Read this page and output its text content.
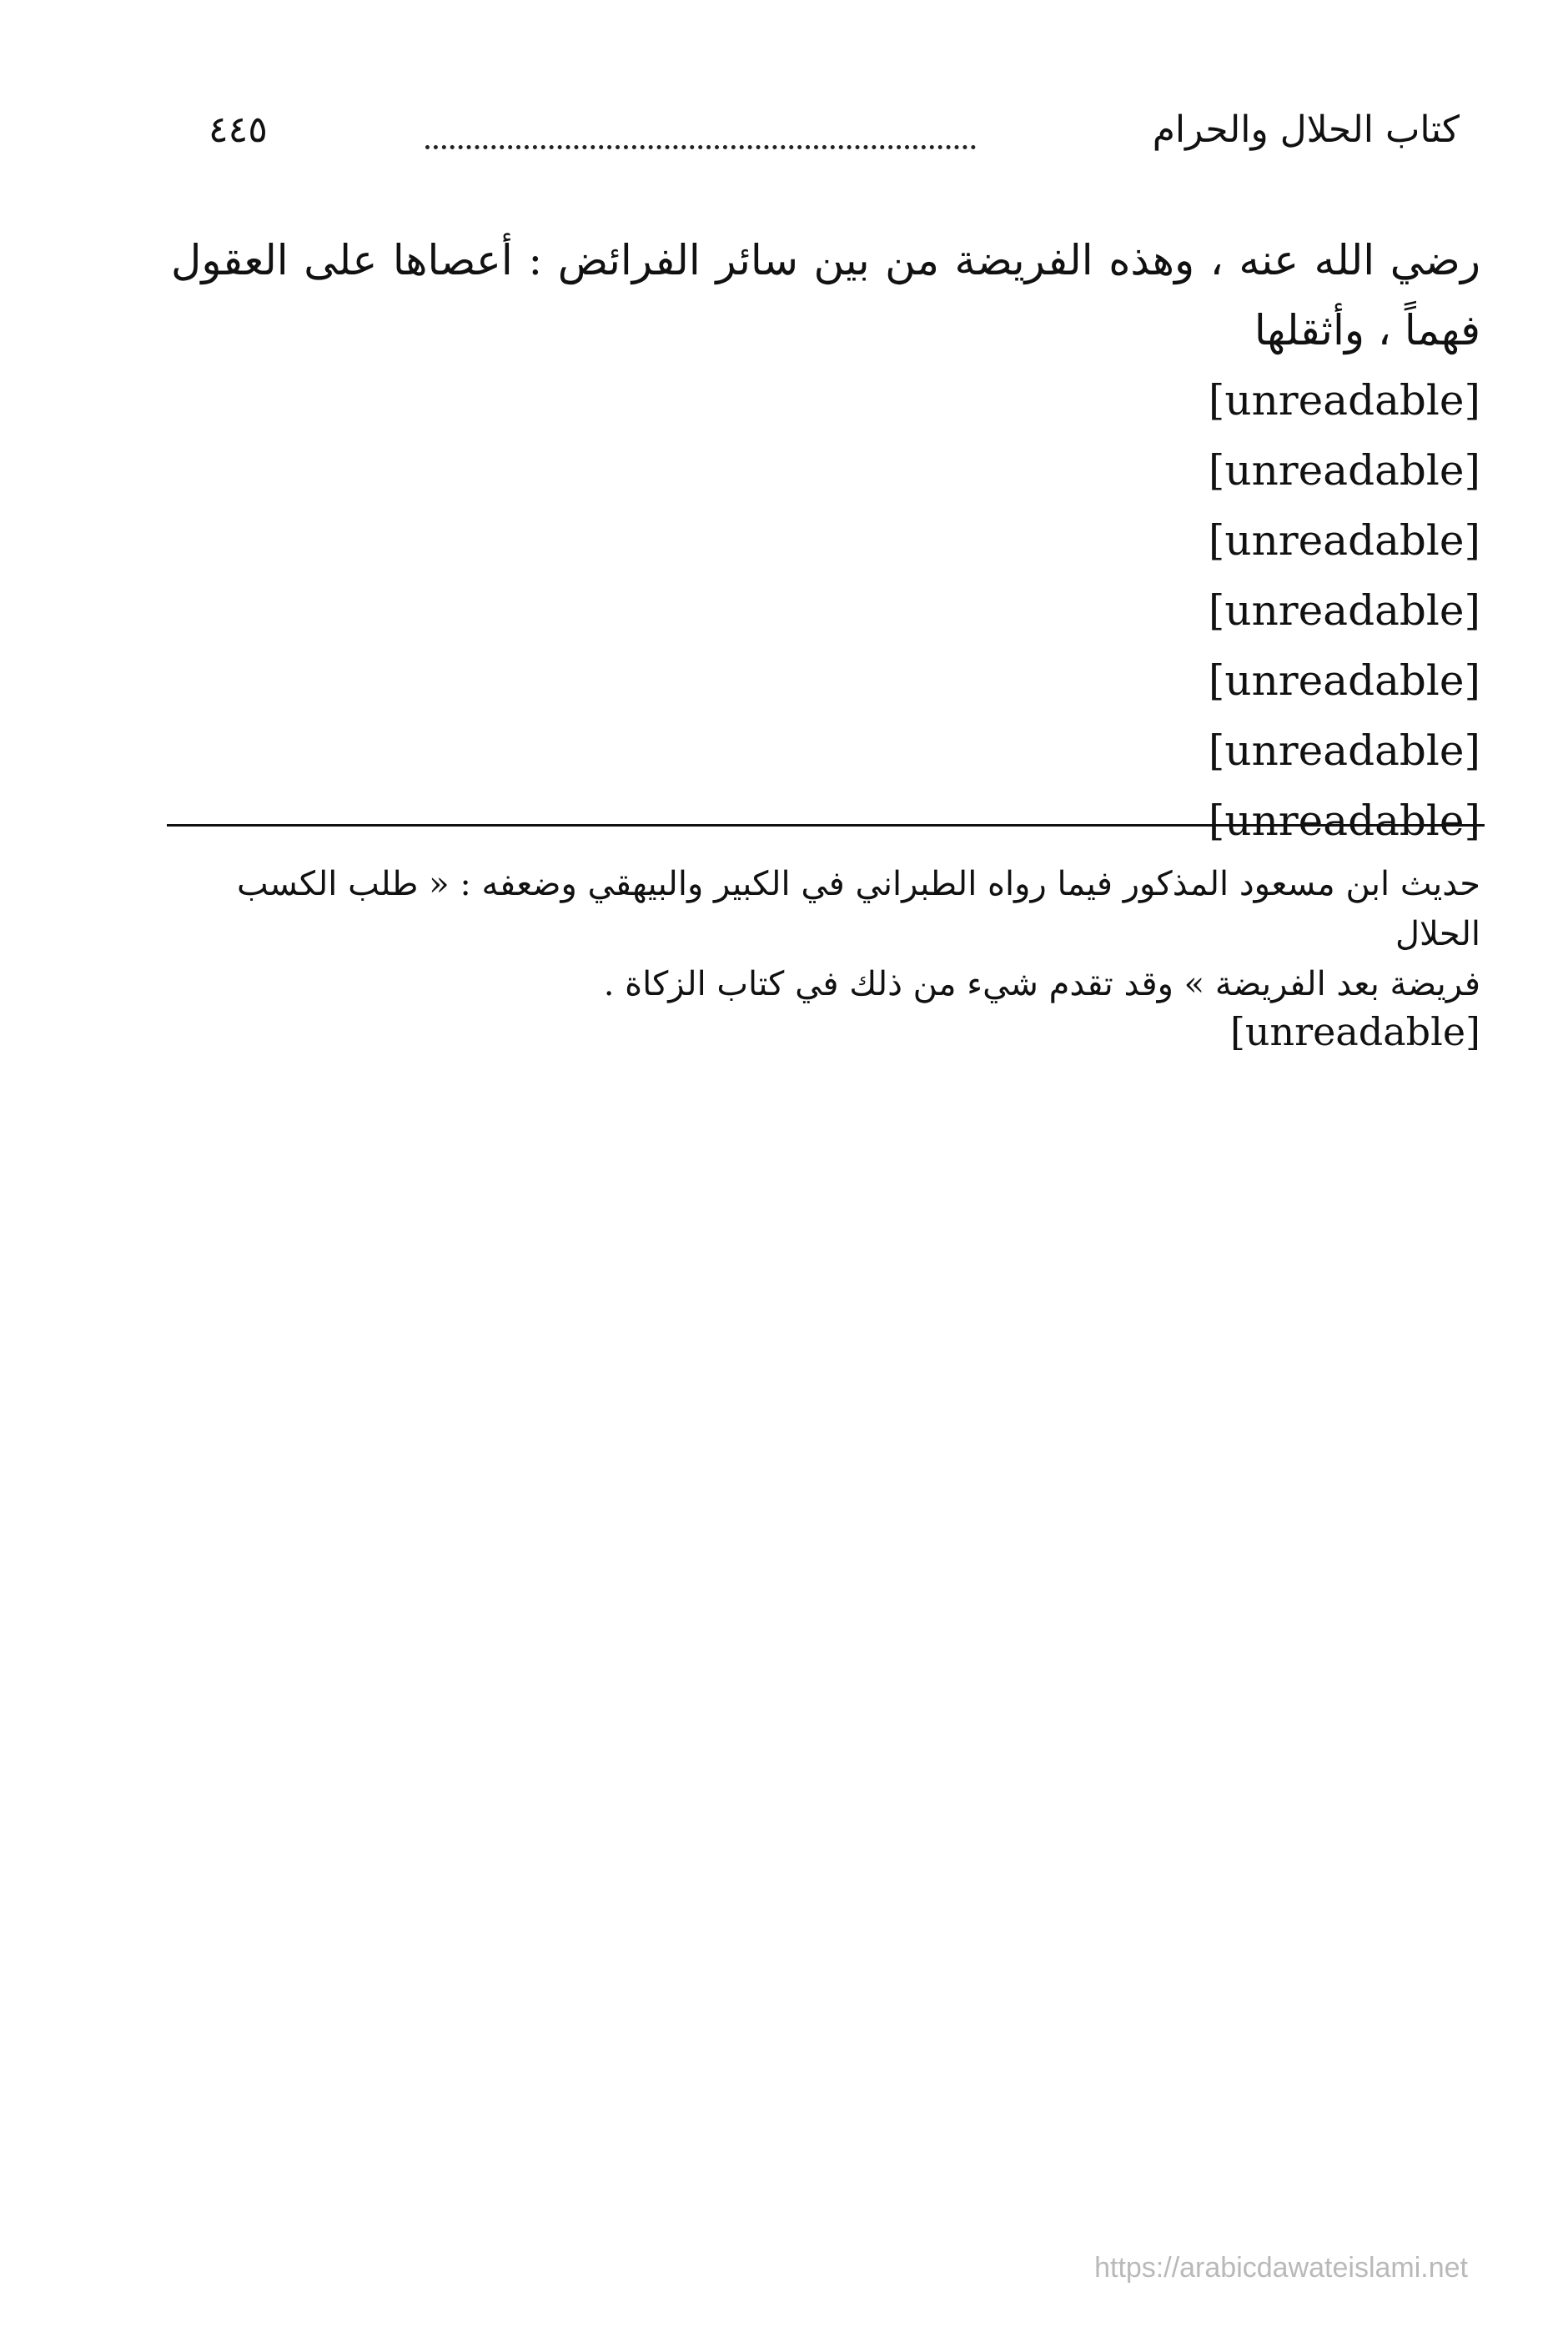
كتاب الحلال والحرام
٤٤٥
رضي الله عنه ، وهذه الفريضة من بين سائر الفرائض : أعصاها على العقول فهماً ، وأثقلها
[unreadable]
[unreadable]
[unreadable]
[unreadable]
[unreadable]
[unreadable]
[unreadable]
حديث ابن مسعود المذكور فيما رواه الطبراني في الكبير والبيهقي وضعفه : « طلب الكسب الحلال
فريضة بعد الفريضة » وقد تقدم شيء من ذلك في كتاب الزكاة .
[unreadable]
https://arabicdawateislami.net
